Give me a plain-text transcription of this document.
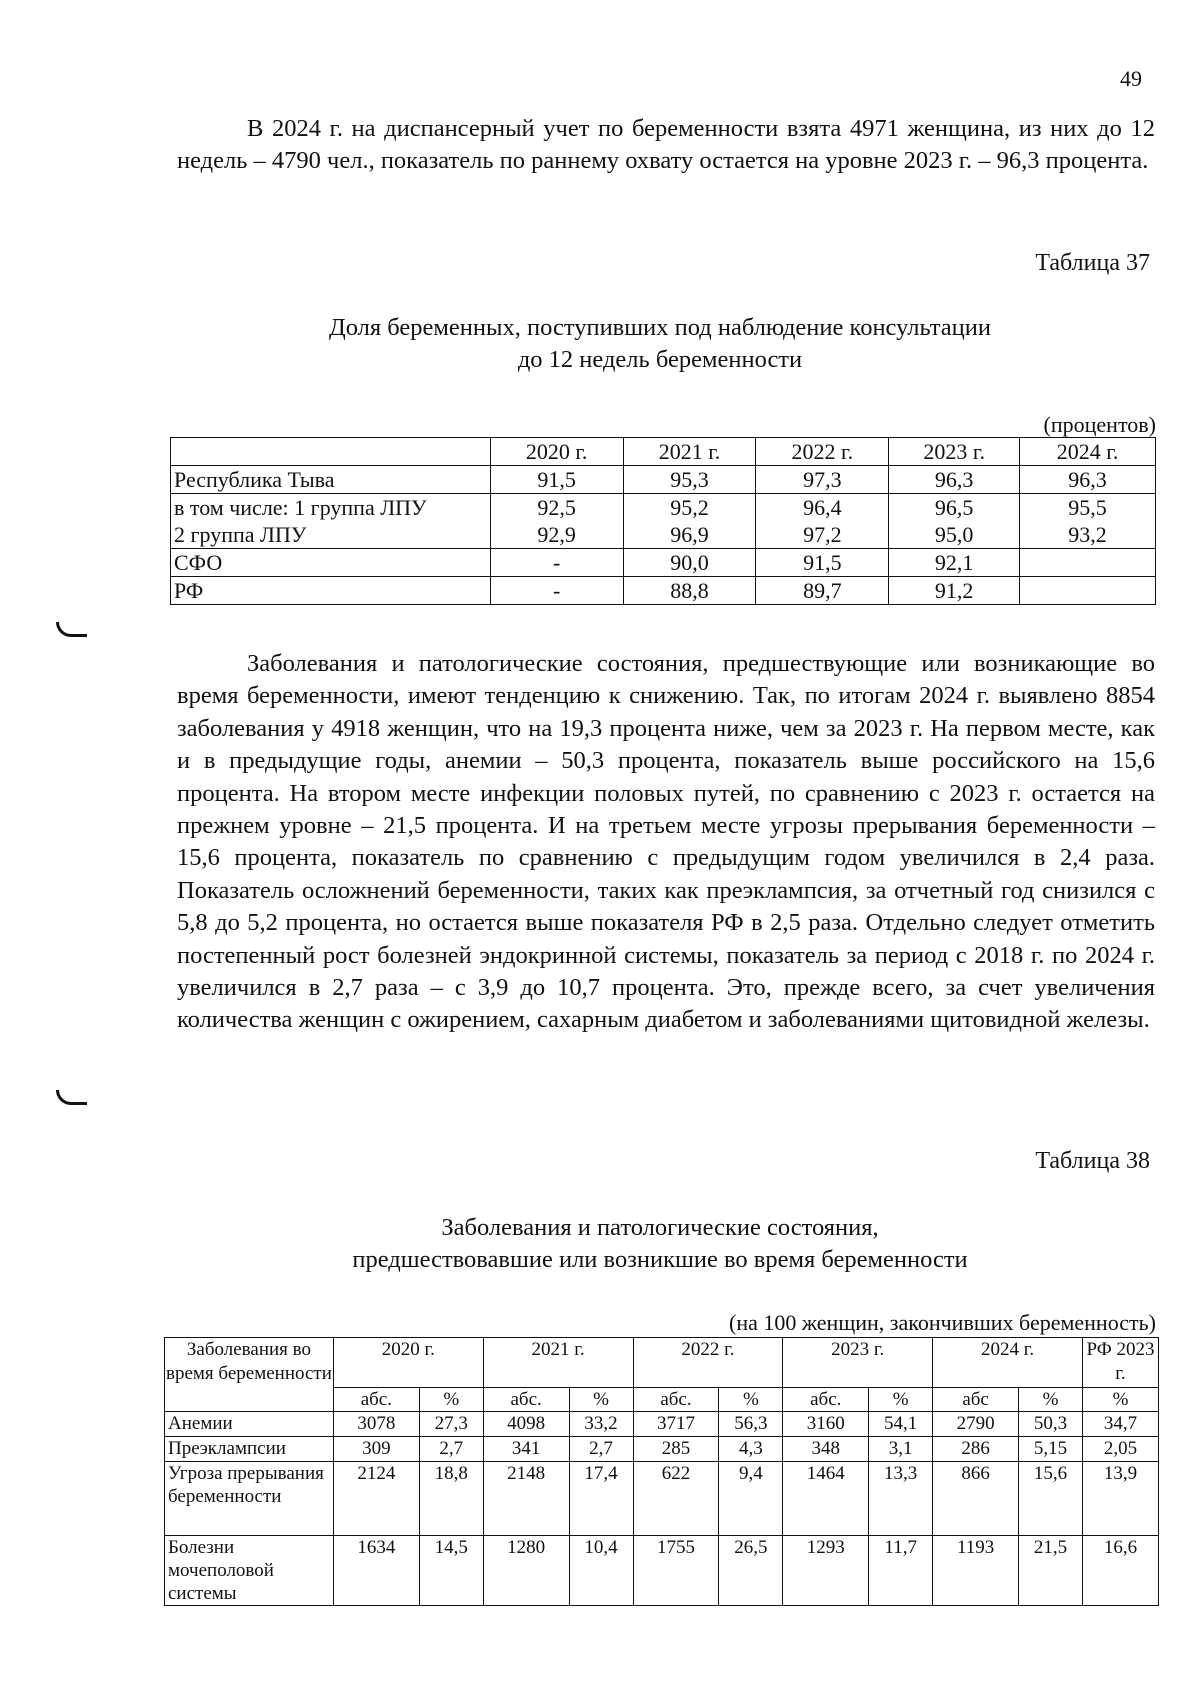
49

В 2024 г. на диспансерный учет по беременности взята 4971 женщина, из них до 12 недель – 4790 чел., показатель по раннему охвату остается на уровне 2023 г. – 96,3 процента.

Таблица 37
Доля беременных, поступивших под наблюдение консультации
до 12 недель беременности
(процентов)
	2020 г.	2021 г.	2022 г.	2023 г.	2024 г.
Республика Тыва	91,5	95,3	97,3	96,3	96,3
в том числе: 1 группа ЛПУ	92,5	95,2	96,4	96,5	95,5
2 группа ЛПУ	92,9	96,9	97,2	95,0	93,2
СФО	-	90,0	91,5	92,1	
РФ	-	88,8	89,7	91,2	

Заболевания и патологические состояния, предшествующие или возникающие во время беременности, имеют тенденцию к снижению. Так, по итогам 2024 г. выявлено 8854 заболевания у 4918 женщин, что на 19,3 процента ниже, чем за 2023 г. На первом месте, как и в предыдущие годы, анемии – 50,3 процента, показатель выше российского на 15,6 процента. На втором месте инфекции половых путей, по сравнению с 2023 г. остается на прежнем уровне – 21,5 процента. И на третьем месте угрозы прерывания беременности – 15,6 процента, показатель по сравнению с предыдущим годом увеличился в 2,4 раза. Показатель осложнений беременности, таких как преэклампсия, за отчетный год снизился с 5,8 до 5,2 процента, но остается выше показателя РФ в 2,5 раза. Отдельно следует отметить постепенный рост болезней эндокринной системы, показатель за период с 2018 г. по 2024 г. увеличился в 2,7 раза – с 3,9 до 10,7 процента. Это, прежде всего, за счет увеличения количества женщин с ожирением, сахарным диабетом и заболеваниями щитовидной железы.

Таблица 38
Заболевания и патологические состояния,
предшествовавшие или возникшие во время беременности
(на 100 женщин, закончивших беременность)
Заболевания во время беременности	2020 г.		2021 г.		2022 г.		2023 г.		2024 г.		РФ 2023 г.
	абс.	%	абс.	%	абс.	%	абс.	%	абс	%	%
Анемии	3078	27,3	4098	33,2	3717	56,3	3160	54,1	2790	50,3	34,7
Преэклампсии	309	2,7	341	2,7	285	4,3	348	3,1	286	5,15	2,05
Угроза прерывания беременности	2124	18,8	2148	17,4	622	9,4	1464	13,3	866	15,6	13,9
Болезни мочеполовой системы	1634	14,5	1280	10,4	1755	26,5	1293	11,7	1193	21,5	16,6
